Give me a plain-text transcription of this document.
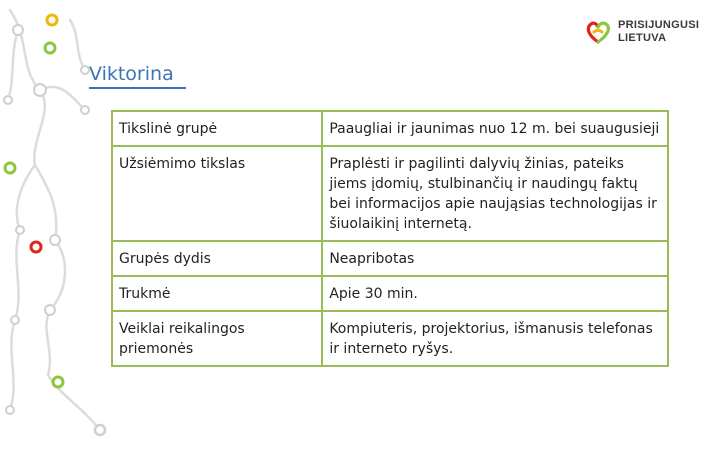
PRISIJUNGUSI
LIETUVA
Viktorina
Tikslinė grupė	Paaugliai ir jaunimas nuo 12 m. bei suaugusieji
Užsiėmimo tikslas	Praplėsti ir pagilinti dalyvių žinias, pateiks jiems įdomių, stulbinančių ir naudingų faktų bei informacijos apie naująsias technologijas ir šiuolaikinį internetą.
Grupės dydis	Neapribotas
Trukmė	Apie 30 min.
Veiklai reikalingos priemonės	Kompiuteris, projektorius, išmanusis telefonas ir interneto ryšys.
